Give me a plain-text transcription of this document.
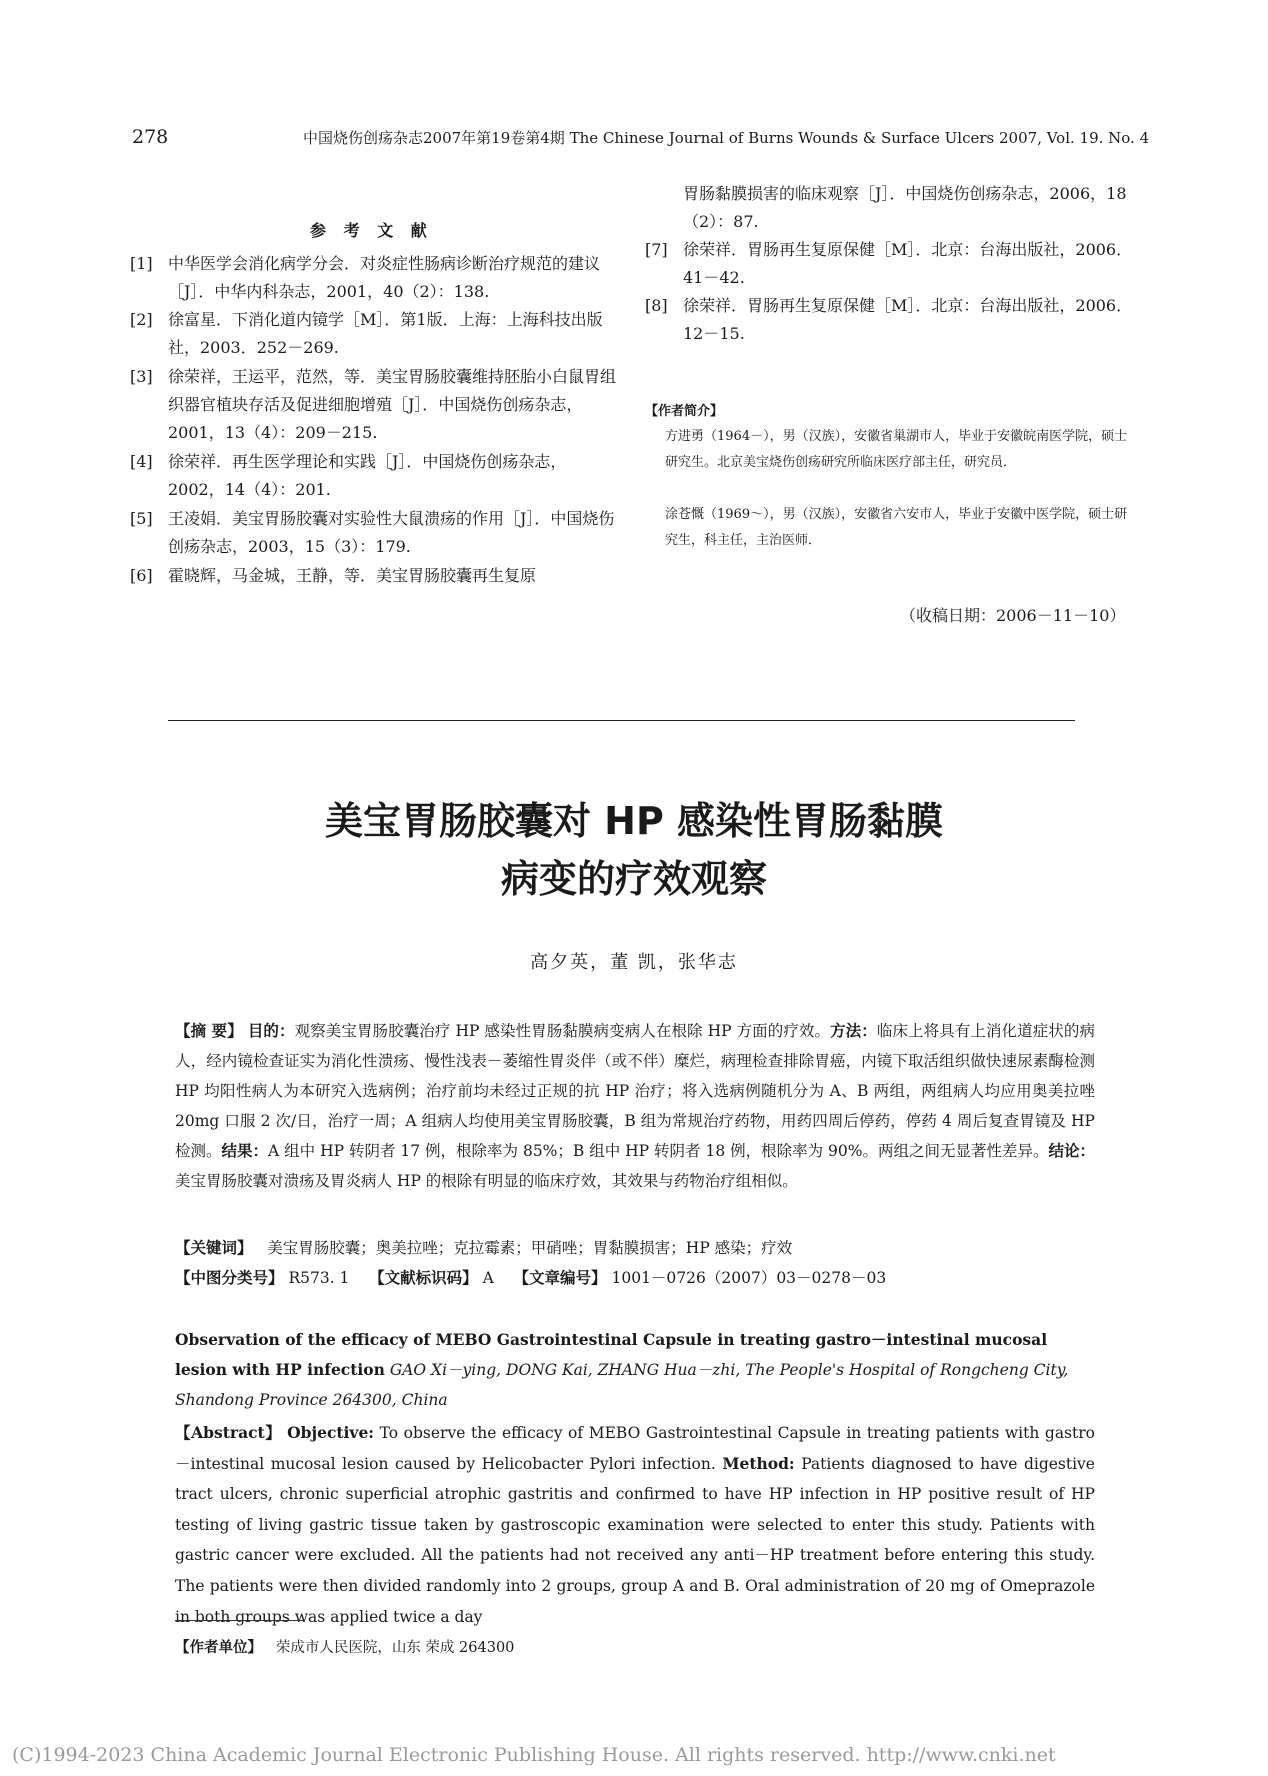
278	中国烧伤创疡杂志2007年第19卷第4期 The Chinese Journal of Burns Wounds & Surface Ulcers 2007, Vol. 19. No. 4
参 考 文 献
[1] 中华医学会消化病学分会．对炎症性肠病诊断治疗规范的建议［J］．中华内科杂志，2001，40（2）：138.
[2] 徐富星．下消化道内镜学［M］．第1版．上海：上海科技出版社，2003．252－269.
[3] 徐荣祥，王运平，范然，等．美宝胃肠胶囊维持胚胎小白鼠胃组织器官植块存活及促进细胞增殖［J］．中国烧伤创疡杂志，2001，13（4）：209－215.
[4] 徐荣祥．再生医学理论和实践［J］．中国烧伤创疡杂志，2002，14（4）：201.
[5] 王凌娟．美宝胃肠胶囊对实验性大鼠溃疡的作用［J］．中国烧伤创疡杂志，2003，15（3）：179.
[6] 霍晓辉，马金城，王静，等．美宝胃肠胶囊再生复原
胃肠黏膜损害的临床观察［J］．中国烧伤创疡杂志，2006，18（2）：87.
[7] 徐荣祥．胃肠再生复原保健［M］．北京：台海出版社，2006．41－42.
[8] 徐荣祥．胃肠再生复原保健［M］．北京：台海出版社，2006．12－15.
【作者简介】
方进勇（1964－），男（汉族），安徽省巢湖市人，毕业于安徽皖南医学院，硕士研究生。北京美宝烧伤创疡研究所临床医疗部主任，研究员．
涂苍慨（1969～），男（汉族），安徽省六安市人，毕业于安徽中医学院，硕士研究生，科主任，主治医师．
（收稿日期：2006－11－10）
美宝胃肠胶囊对 HP 感染性胃肠黏膜
病变的疗效观察
高夕英，董 凯，张华志
【摘 要】 目的：观察美宝胃肠胶囊治疗 HP 感染性胃肠黏膜病变病人在根除 HP 方面的疗效。方法：临床上将具有上消化道症状的病人，经内镜检查证实为消化性溃疡、慢性浅表－萎缩性胃炎伴（或不伴）糜烂，病理检查排除胃癌，内镜下取活组织做快速尿素酶检测 HP 均阳性病人为本研究入选病例；治疗前均未经过正规的抗 HP 治疗；将入选病例随机分为 A、B 两组，两组病人均应用奥美拉唑 20mg 口服 2 次/日，治疗一周；A 组病人均使用美宝胃肠胶囊，B 组为常规治疗药物，用药四周后停药，停药 4 周后复查胃镜及 HP 检测。结果：A 组中 HP 转阴者 17 例，根除率为 85%；B 组中 HP 转阴者 18 例，根除率为 90%。两组之间无显著性差异。结论：美宝胃肠胶囊对溃疡及胃炎病人 HP 的根除有明显的临床疗效，其效果与药物治疗组相似。
【关键词】 美宝胃肠胶囊；奥美拉唑；克拉霉素；甲硝唑；胃黏膜损害；HP 感染；疗效
【中图分类号】 R573. 1 【文献标识码】 A 【文章编号】 1001－0726（2007）03－0278－03
Observation of the efficacy of MEBO Gastrointestinal Capsule in treating gastro－intestinal mucosal lesion with HP infection GAO Xi－ying, DONG Kai, ZHANG Hua－zhi, The People's Hospital of Rongcheng City, Shandong Province 264300, China
【Abstract】 Objective: To observe the efficacy of MEBO Gastrointestinal Capsule in treating patients with gastro－intestinal mucosal lesion caused by Helicobacter Pylori infection. Method: Patients diagnosed to have digestive tract ulcers, chronic superficial atrophic gastritis and confirmed to have HP infection in HP positive result of HP testing of living gastric tissue taken by gastroscopic examination were selected to enter this study. Patients with gastric cancer were excluded. All the patients had not received any anti－HP treatment before entering this study. The patients were then divided randomly into 2 groups, group A and B. Oral administration of 20 mg of Omeprazole in both groups was applied twice a day
【作者单位】 荣成市人民医院，山东 荣成 264300
(C)1994-2023 China Academic Journal Electronic Publishing House. All rights reserved. http://www.cnki.net
